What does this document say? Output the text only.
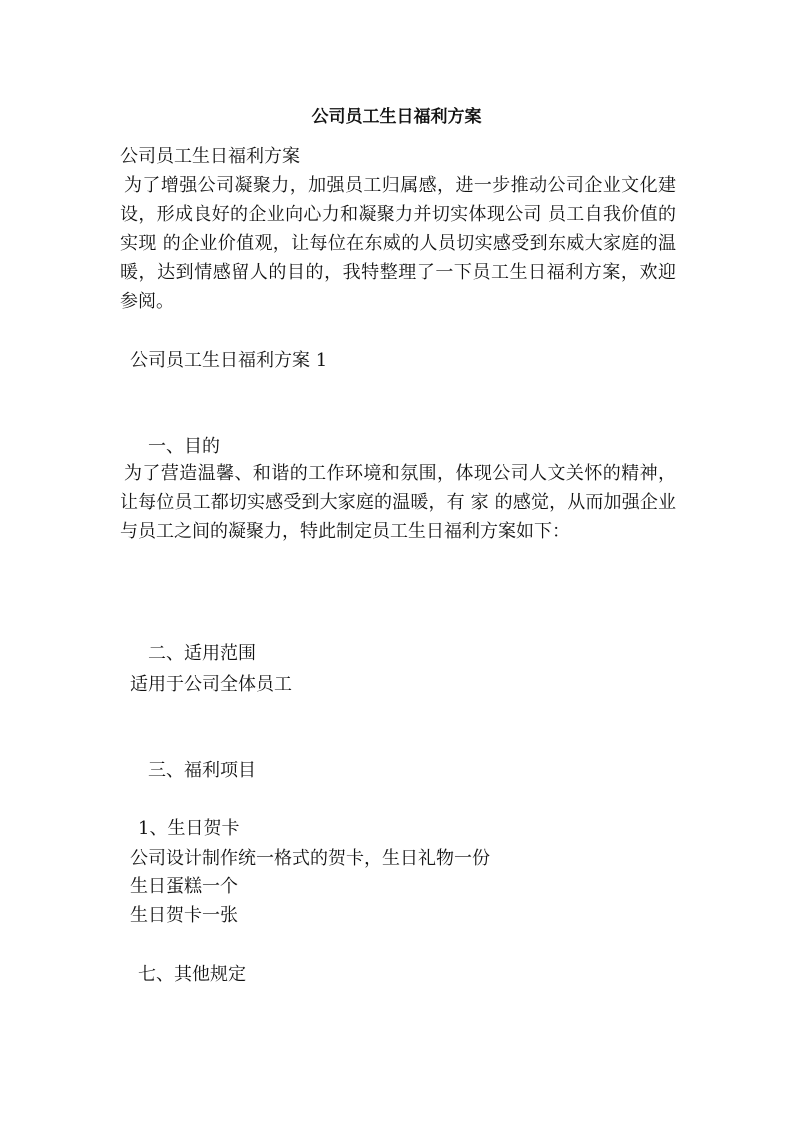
公司员工生日福利方案
公司员工生日福利方案

为了增强公司凝聚力，加强员工归属感，进一步推动公司企业文化建设，形成良好的企业向心力和凝聚力并切实体现公司 员工自我价值的实现 的企业价值观，让每位在东威的人员切实感受到东威大家庭的温暖，达到情感留人的目的，我特整理了一下员工生日福利方案，欢迎参阅。

公司员工生日福利方案 1
一、目的

为了营造温馨、和谐的工作环境和氛围，体现公司人文关怀的精神，让每位员工都切实感受到大家庭的温暖，有 家 的感觉，从而加强企业与员工之间的凝聚力，特此制定员工生日福利方案如下：

二、适用范围
适用于公司全体员工
三、福利项目
1、生日贺卡
公司设计制作统一格式的贺卡，生日礼物一份
生日蛋糕一个
生日贺卡一张
七、其他规定
